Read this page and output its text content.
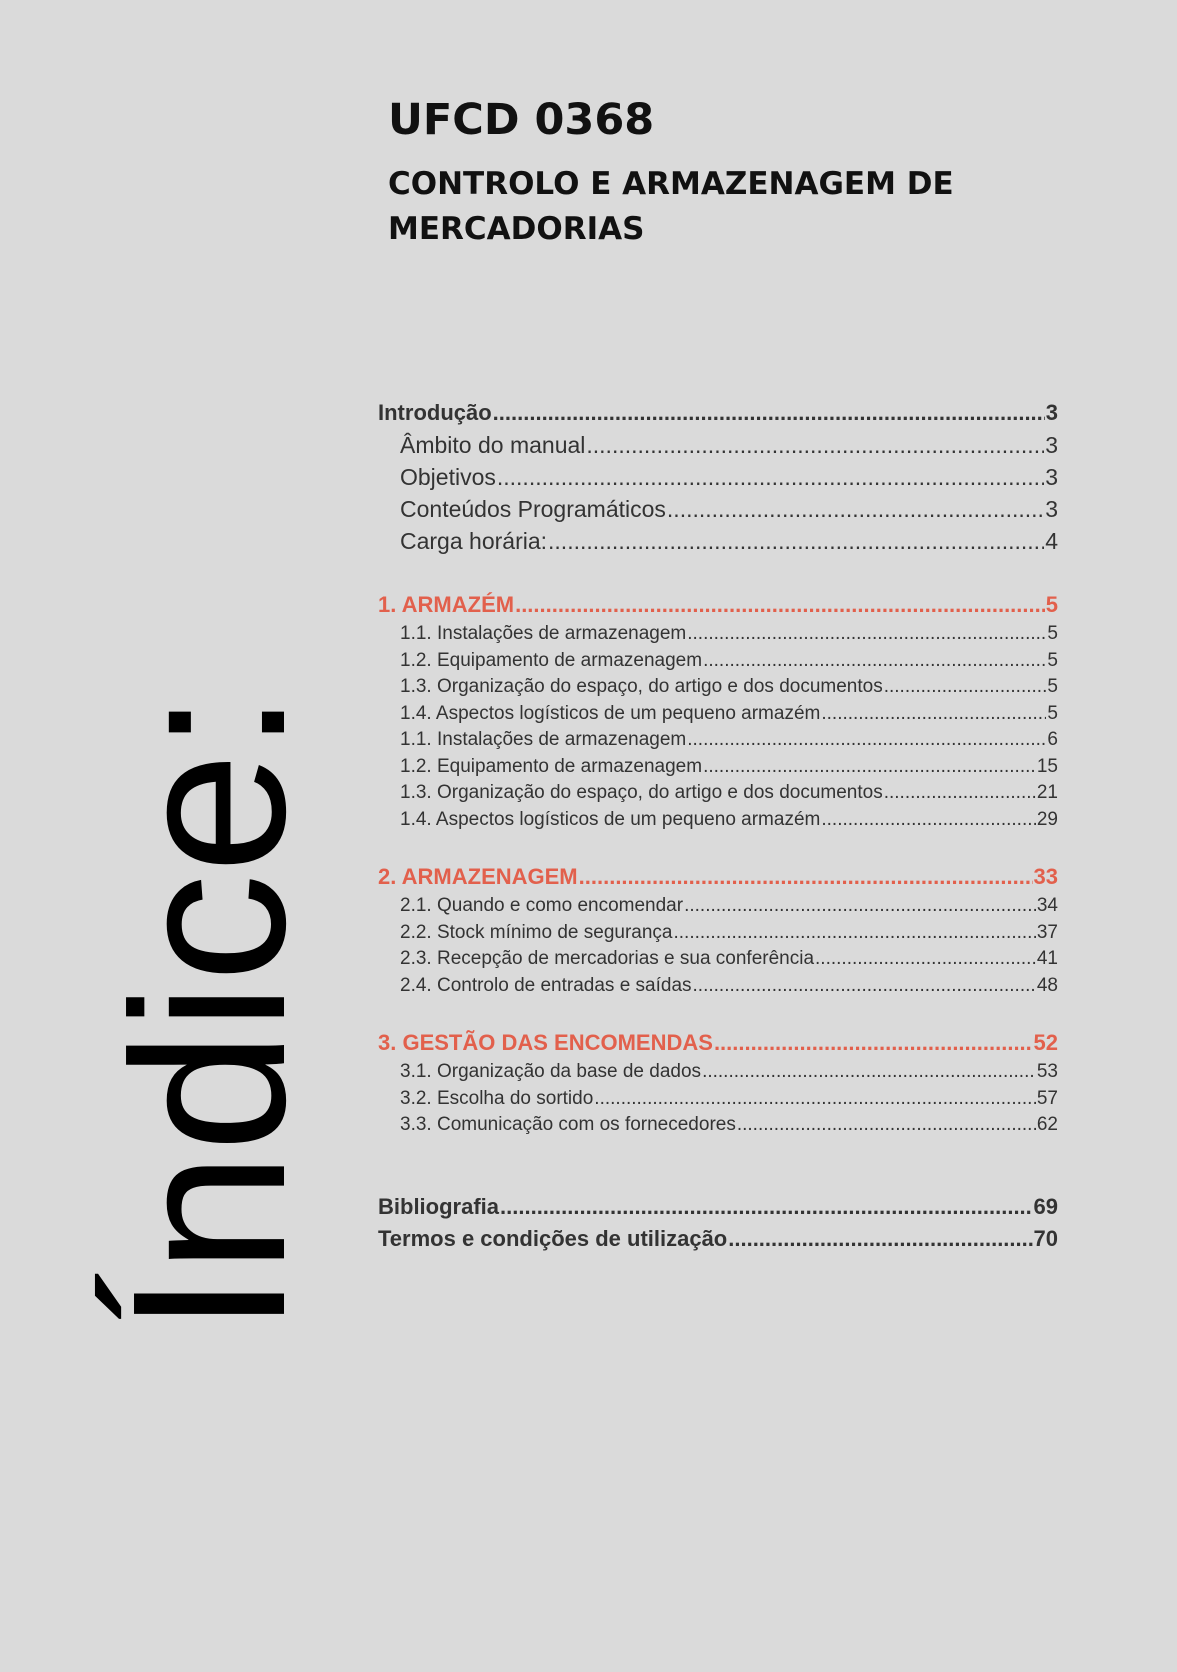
UFCD 0368
CONTROLO E ARMAZENAGEM DE
MERCADORIAS
Índice:
Introdução .....	3
Âmbito do manual .....	3
Objetivos .....	3
Conteúdos Programáticos .....	3
Carga horária: .....	4
1. ARMAZÉM .....	5
1.1. Instalações de armazenagem .....	5
1.2. Equipamento de armazenagem .....	5
1.3. Organização do espaço, do artigo e dos documentos .....	5
1.4. Aspectos logísticos de um pequeno armazém .....	5
1.1. Instalações de armazenagem .....	6
1.2. Equipamento de armazenagem .....	15
1.3. Organização do espaço, do artigo e dos documentos .....	21
1.4. Aspectos logísticos de um pequeno armazém .....	29
2. ARMAZENAGEM .....	33
2.1. Quando e como encomendar .....	34
2.2. Stock mínimo de segurança .....	37
2.3. Recepção de mercadorias e sua conferência .....	41
2.4. Controlo de entradas e saídas .....	48
3. GESTÃO DAS ENCOMENDAS .....	52
3.1. Organização da base de dados .....	53
3.2. Escolha do sortido .....	57
3.3. Comunicação com os fornecedores .....	62
Bibliografia .....	69
Termos e condições de utilização .....	70
